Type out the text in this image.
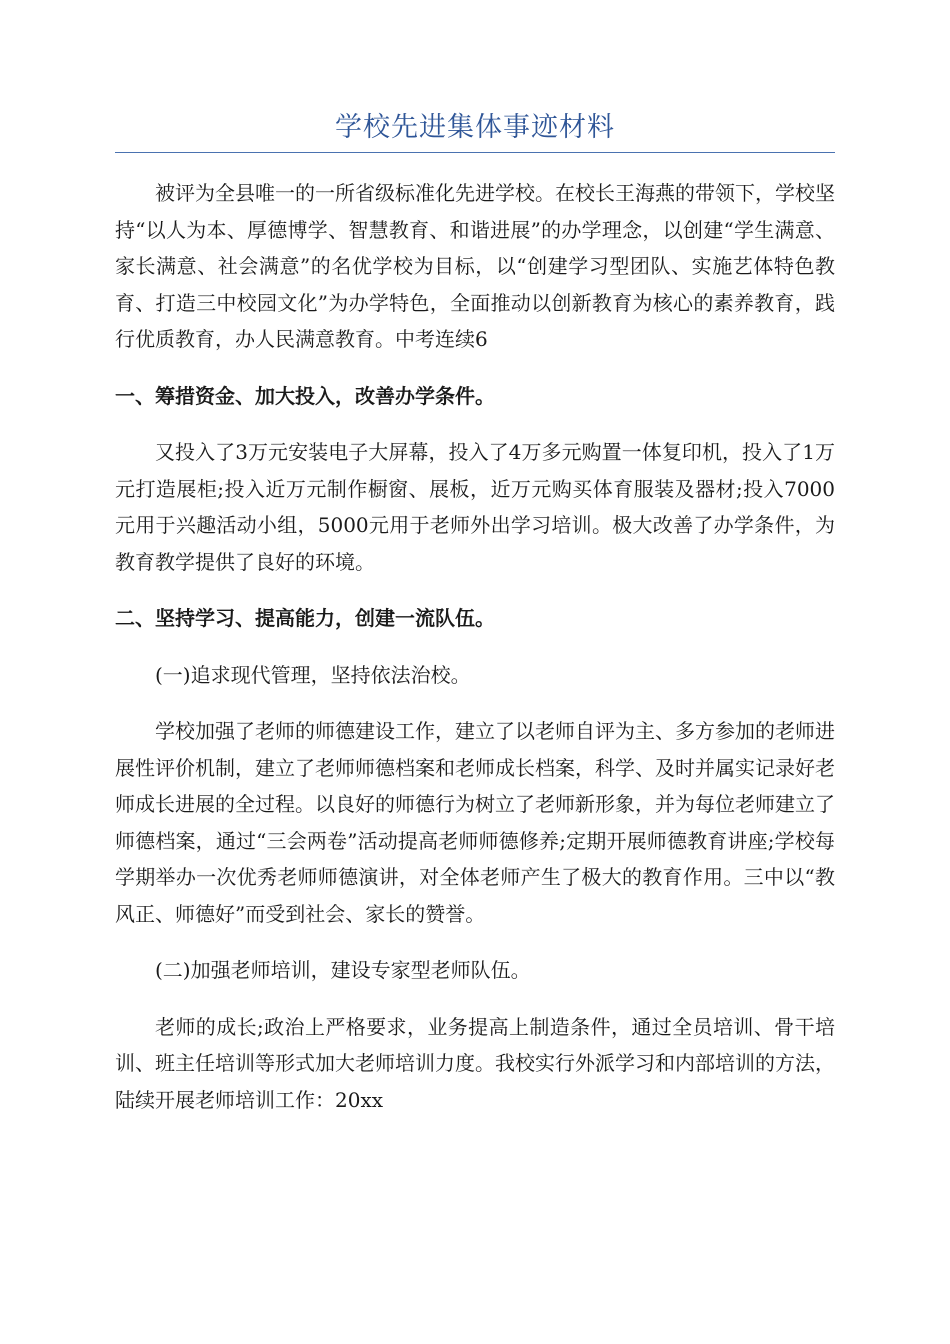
学校先进集体事迹材料

被评为全县唯一的一所省级标准化先进学校。在校长王海燕的带领下，学校坚持“以人为本、厚德博学、智慧教育、和谐进展”的办学理念，以创建“学生满意、家长满意、社会满意”的名优学校为目标，以“创建学习型团队、实施艺体特色教育、打造三中校园文化”为办学特色，全面推动以创新教育为核心的素养教育，践行优质教育，办人民满意教育。中考连续6

一、筹措资金、加大投入，改善办学条件。

又投入了3万元安装电子大屏幕，投入了4万多元购置一体复印机，投入了1万元打造展柜;投入近万元制作橱窗、展板，近万元购买体育服装及器材;投入7000元用于兴趣活动小组，5000元用于老师外出学习培训。极大改善了办学条件，为教育教学提供了良好的环境。

二、坚持学习、提高能力，创建一流队伍。

(一)追求现代管理，坚持依法治校。

学校加强了老师的师德建设工作，建立了以老师自评为主、多方参加的老师进展性评价机制，建立了老师师德档案和老师成长档案，科学、及时并属实记录好老师成长进展的全过程。以良好的师德行为树立了老师新形象，并为每位老师建立了师德档案，通过“三会两卷”活动提高老师师德修养;定期开展师德教育讲座;学校每学期举办一次优秀老师师德演讲，对全体老师产生了极大的教育作用。三中以“教风正、师德好”而受到社会、家长的赞誉。

(二)加强老师培训，建设专家型老师队伍。

老师的成长;政治上严格要求，业务提高上制造条件，通过全员培训、骨干培训、班主任培训等形式加大老师培训力度。我校实行外派学习和内部培训的方法，陆续开展老师培训工作：20xx
